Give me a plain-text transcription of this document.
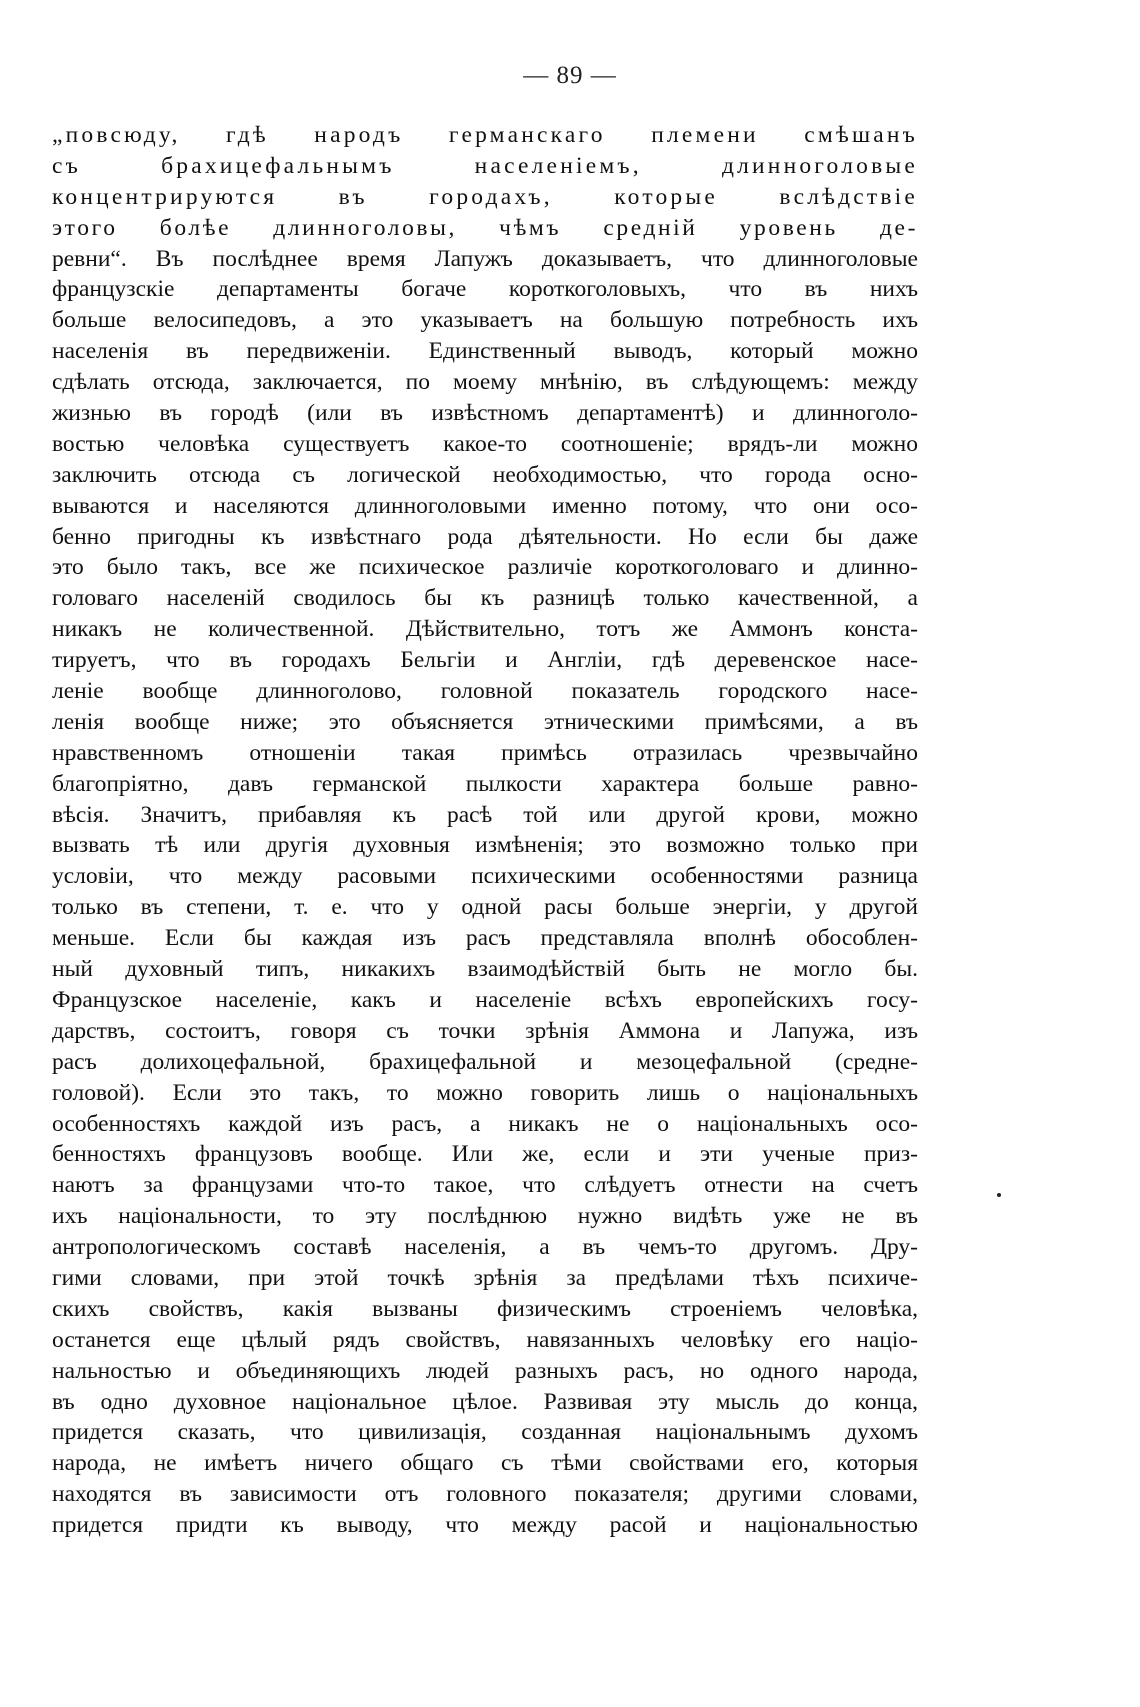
— 89 —
„повсюду, гдѣ народъ германскаго племени смѣшанъ
съ брахицефальнымъ населеніемъ, длинноголовые
концентрируются въ городахъ, которые вслѣдствіе
этого болѣе длинноголовы, чѣмъ средній уровень де-
ревни“. Въ послѣднее время Лапужъ доказываетъ, что длинноголовые
французскіе департаменты богаче короткоголовыхъ, что въ нихъ
больше велосипедовъ, а это указываетъ на большую потребность ихъ
населенія въ передвиженіи. Единственный выводъ, который можно
сдѣлать отсюда, заключается, по моему мнѣнію, въ слѣдующемъ: между
жизнью въ городѣ (или въ извѣстномъ департаментѣ) и длинноголо-
востью человѣка существуетъ какое-то соотношеніе; врядъ-ли можно
заключить отсюда съ логической необходимостью, что города осно-
вываются и населяются длинноголовыми именно потому, что они осо-
бенно пригодны къ извѣстнаго рода дѣятельности. Но если бы даже
это было такъ, все же психическое различіе короткоголоваго и длинно-
головаго населеній сводилось бы къ разницѣ только качественной, а
никакъ не количественной. Дѣйствительно, тотъ же Аммонъ конста-
тируетъ, что въ городахъ Бельгіи и Англіи, гдѣ деревенское насе-
леніе вообще длинноголово, головной показатель городского насе-
ленія вообще ниже; это объясняется этническими примѣсями, а въ
нравственномъ отношеніи такая примѣсь отразилась чрезвычайно
благопріятно, давъ германской пылкости характера больше равно-
вѣсія. Значитъ, прибавляя къ расѣ той или другой крови, можно
вызвать тѣ или другія духовныя измѣненія; это возможно только при
условіи, что между расовыми психическими особенностями разница
только въ степени, т. е. что у одной расы больше энергіи, у другой
меньше. Если бы каждая изъ расъ представляла вполнѣ обособлен-
ный духовный типъ, никакихъ взаимодѣйствій быть не могло бы.
Французское населеніе, какъ и населеніе всѣхъ европейскихъ госу-
дарствъ, состоитъ, говоря съ точки зрѣнія Аммона и Лапужа, изъ
расъ долихоцефальной, брахицефальной и мезоцефальной (средне-
головой). Если это такъ, то можно говорить лишь о національныхъ
особенностяхъ каждой изъ расъ, а никакъ не о національныхъ осо-
бенностяхъ французовъ вообще. Или же, если и эти ученые приз-
наютъ за французами что-то такое, что слѣдуетъ отнести на счетъ
ихъ національности, то эту послѣднюю нужно видѣть уже не въ
антропологическомъ составѣ населенія, а въ чемъ-то другомъ. Дру-
гими словами, при этой точкѣ зрѣнія за предѣлами тѣхъ психиче-
скихъ свойствъ, какія вызваны физическимъ строеніемъ человѣка,
останется еще цѣлый рядъ свойствъ, навязанныхъ человѣку его націо-
нальностью и объединяющихъ людей разныхъ расъ, но одного народа,
въ одно духовное національное цѣлое. Развивая эту мысль до конца,
придется сказать, что цивилизація, созданная національнымъ духомъ
народа, не имѣетъ ничего общаго съ тѣми свойствами его, которыя
находятся въ зависимости отъ головного показателя; другими словами,
придется придти къ выводу, что между расой и національностью
